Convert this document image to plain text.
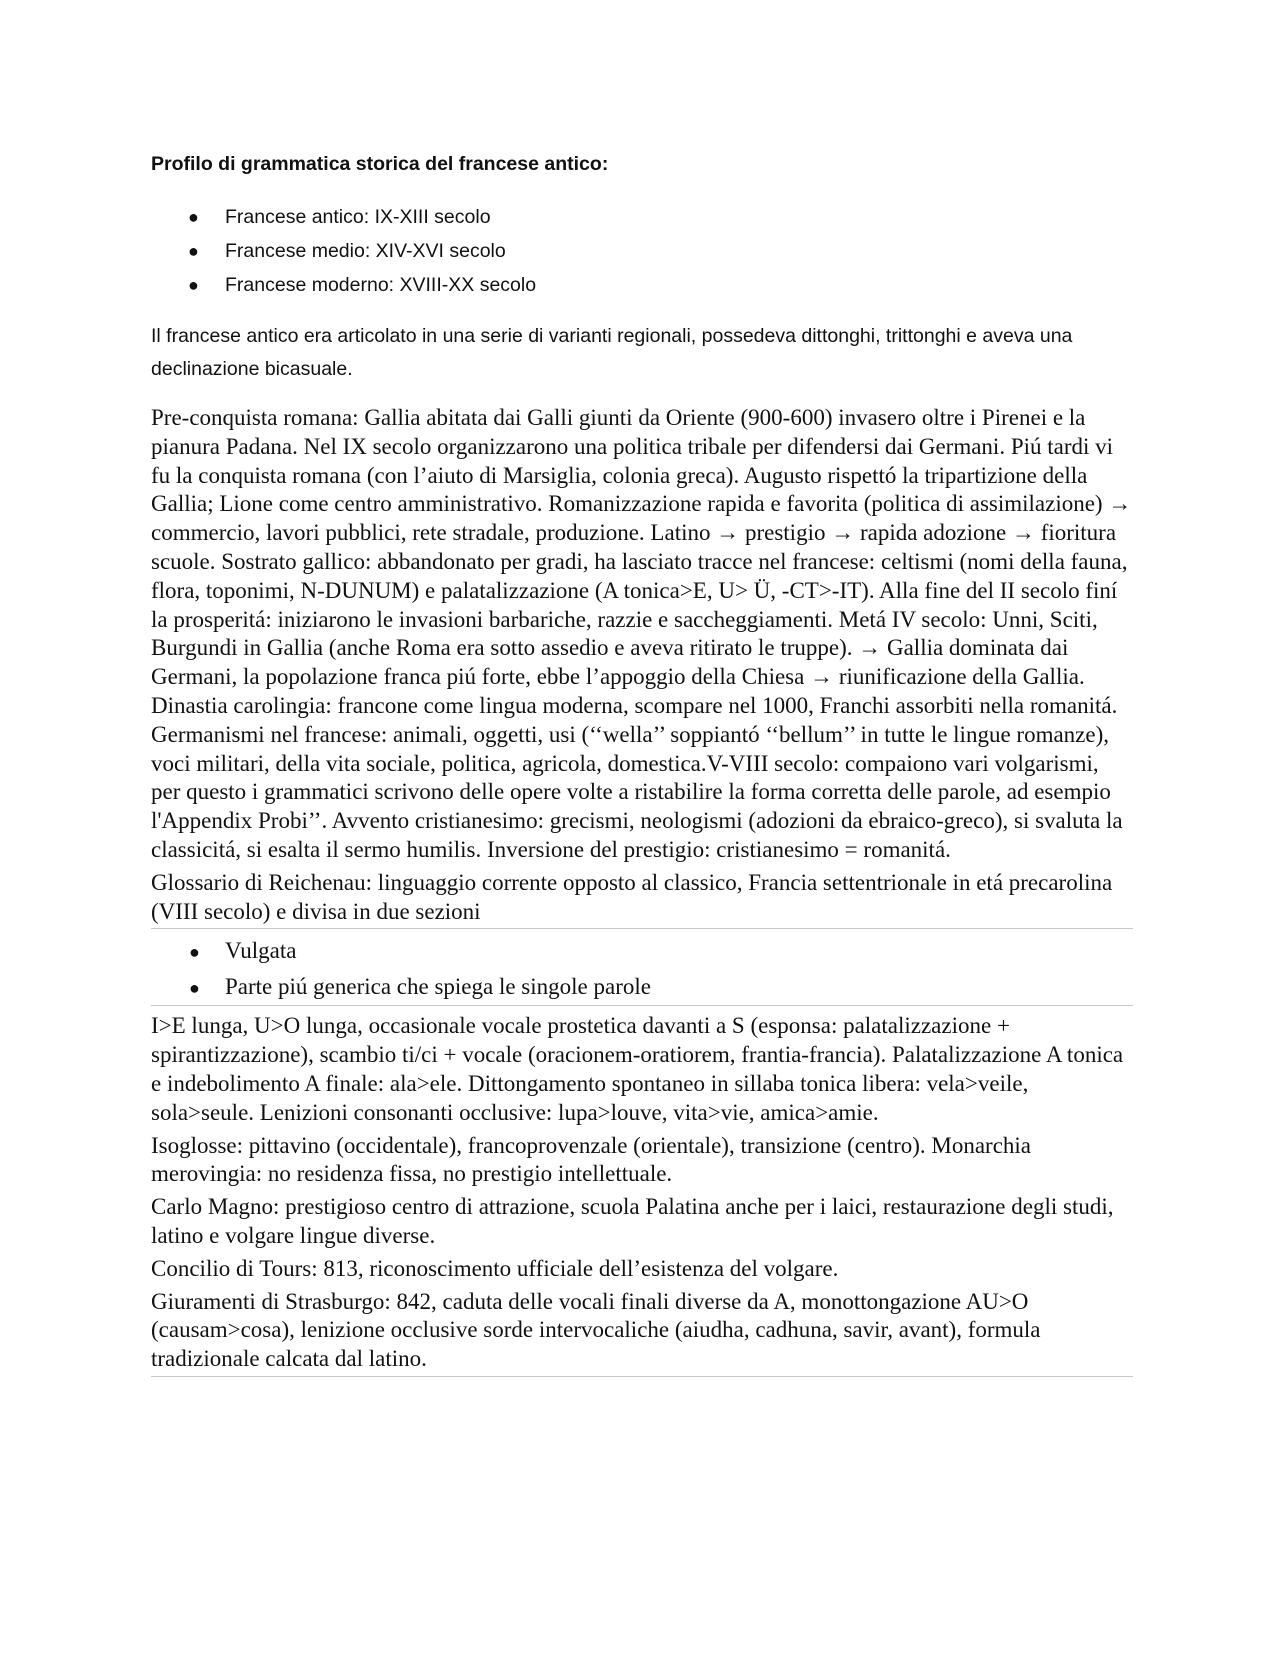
Profilo di grammatica storica del francese antico:
● Francese antico: IX-XIII secolo
● Francese medio: XIV-XVI secolo
● Francese moderno: XVIII-XX secolo

Il francese antico era articolato in una serie di varianti regionali, possedeva dittonghi, trittonghi e aveva una declinazione bicasuale.

Pre-conquista romana: Gallia abitata dai Galli giunti da Oriente (900-600) invasero oltre i Pirenei e la pianura Padana. Nel IX secolo organizzarono una politica tribale per difendersi dai Germani. Piú tardi vi fu la conquista romana (con l’aiuto di Marsiglia, colonia greca). Augusto rispettó la tripartizione della Gallia; Lione come centro amministrativo. Romanizzazione rapida e favorita (politica di assimilazione) → commercio, lavori pubblici, rete stradale, produzione. Latino → prestigio → rapida adozione → fioritura scuole. Sostrato gallico: abbandonato per gradi, ha lasciato tracce nel francese: celtismi (nomi della fauna, flora, toponimi, N-DUNUM) e palatalizzazione (A tonica>E, U> Ü, -CT>-IT). Alla fine del II secolo finí la prosperitá: iniziarono le invasioni barbariche, razzie e saccheggiamenti. Metá IV secolo: Unni, Sciti, Burgundi in Gallia (anche Roma era sotto assedio e aveva ritirato le truppe). → Gallia dominata dai Germani, la popolazione franca piú forte, ebbe l’appoggio della Chiesa → riunificazione della Gallia. Dinastia carolingia: francone come lingua moderna, scompare nel 1000, Franchi assorbiti nella romanitá. Germanismi nel francese: animali, oggetti, usi (‘‘wella’’ soppiantó ‘‘bellum’’ in tutte le lingue romanze), voci militari, della vita sociale, politica, agricola, domestica.V-VIII secolo: compaiono vari volgarismi, per questo i grammatici scrivono delle opere volte a ristabilire la forma corretta delle parole, ad esempio l'Appendix Probi’’. Avvento cristianesimo: grecismi, neologismi (adozioni da ebraico-greco), si svaluta la classicitá, si esalta il sermo humilis. Inversione del prestigio: cristianesimo = romanitá.

Glossario di Reichenau: linguaggio corrente opposto al classico, Francia settentrionale in etá precarolina (VIII secolo) e divisa in due sezioni

● Vulgata
● Parte piú generica che spiega le singole parole

I>E lunga, U>O lunga, occasionale vocale prostetica davanti a S (esponsa: palatalizzazione + spirantizzazione), scambio ti/ci + vocale (oracionem-oratiorem, frantia-francia). Palatalizzazione A tonica e indebolimento A finale: ala>ele. Dittongamento spontaneo in sillaba tonica libera: vela>veile, sola>seule. Lenizioni consonanti occlusive: lupa>louve, vita>vie, amica>amie.

Isoglosse: pittavino (occidentale), francoprovenzale (orientale), transizione (centro). Monarchia merovingia: no residenza fissa, no prestigio intellettuale.

Carlo Magno: prestigioso centro di attrazione, scuola Palatina anche per i laici, restaurazione degli studi, latino e volgare lingue diverse.

Concilio di Tours: 813, riconoscimento ufficiale dell’esistenza del volgare.

Giuramenti di Strasburgo: 842, caduta delle vocali finali diverse da A, monottongazione AU>O (causam>cosa), lenizione occlusive sorde intervocaliche (aiudha, cadhuna, savir, avant), formula tradizionale calcata dal latino.
